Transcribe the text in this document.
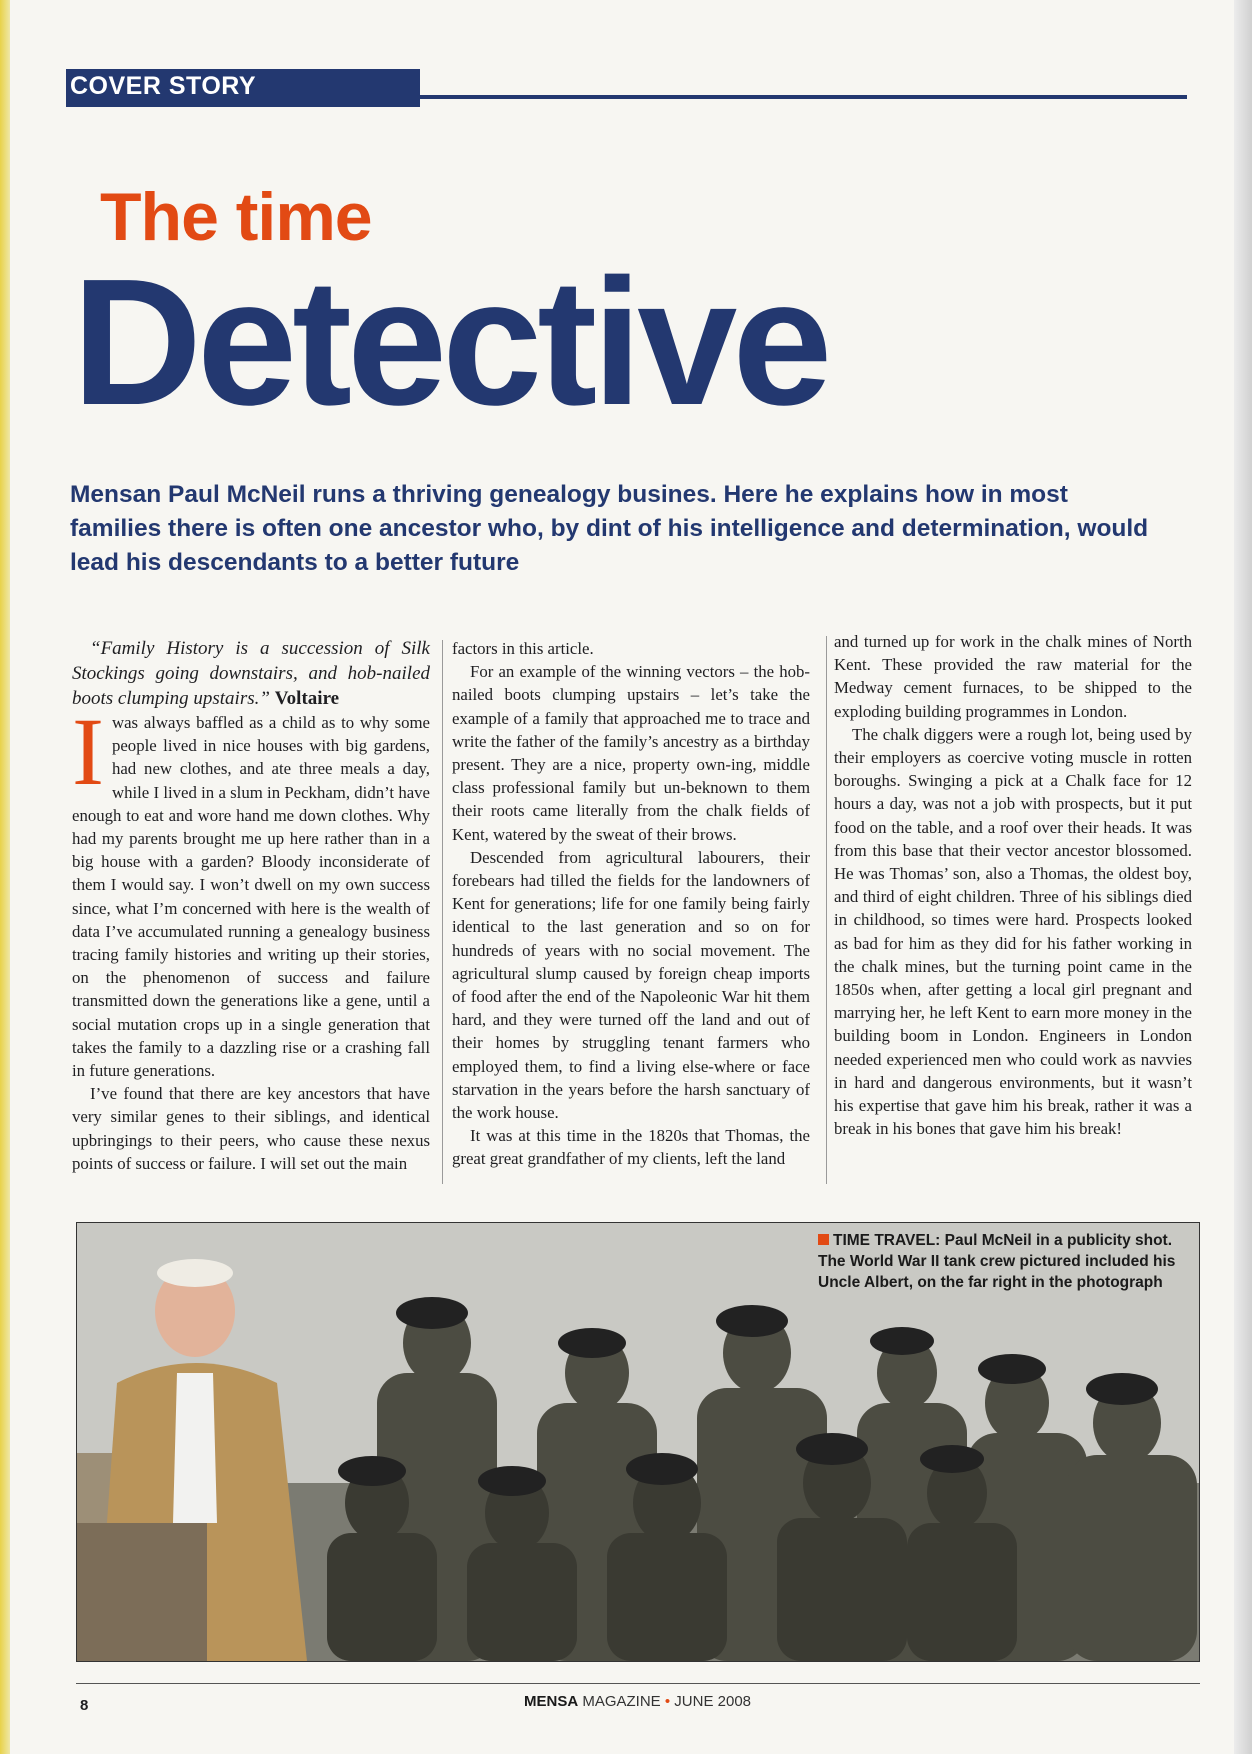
COVER STORY
The time
Detective
Mensan Paul McNeil runs a thriving genealogy busines. Here he explains how in most families there is often one ancestor who, by dint of his intelligence and determination, would lead his descendants to a better future

“Family History is a succession of Silk Stockings going downstairs, and hob-nailed boots clumping upstairs.” Voltaire

Iwas always baffled as a child as to why some people lived in nice houses with big gardens, had new clothes, and ate three meals a day, while I lived in a slum in Peckham, didn’t have enough to eat and wore hand me down clothes. Why had my parents brought me up here rather than in a big house with a garden? Bloody inconsiderate of them I would say. I won’t dwell on my own success since, what I’m concerned with here is the wealth of data I’ve accumulated running a genealogy business tracing family histories and writing up their stories, on the phenomenon of success and failure transmitted down the generations like a gene, until a social mutation crops up in a single generation that takes the family to a dazzling rise or a crashing fall in future generations.

I’ve found that there are key ancestors that have very similar genes to their siblings, and identical upbringings to their peers, who cause these nexus points of success or failure. I will set out the main

factors in this article.

For an example of the winning vectors – the hob-nailed boots clumping upstairs – let’s take the example of a family that approached me to trace and write the father of the family’s ancestry as a birthday present. They are a nice, property own-ing, middle class professional family but un-beknown to them their roots came literally from the chalk fields of Kent, watered by the sweat of their brows.

Descended from agricultural labourers, their forebears had tilled the fields for the landowners of Kent for generations; life for one family being fairly identical to the last generation and so on for hundreds of years with no social movement. The agricultural slump caused by foreign cheap imports of food after the end of the Napoleonic War hit them hard, and they were turned off the land and out of their homes by struggling tenant farmers who employed them, to find a living else-where or face starvation in the years before the harsh sanctuary of the work house.

It was at this time in the 1820s that Thomas, the great great grandfather of my clients, left the land

and turned up for work in the chalk mines of North Kent. These provided the raw material for the Medway cement furnaces, to be shipped to the exploding building programmes in London.

The chalk diggers were a rough lot, being used by their employers as coercive voting muscle in rotten boroughs. Swinging a pick at a Chalk face for 12 hours a day, was not a job with prospects, but it put food on the table, and a roof over their heads. It was from this base that their vector ancestor blossomed. He was Thomas’ son, also a Thomas, the oldest boy, and third of eight children. Three of his siblings died in childhood, so times were hard. Prospects looked as bad for him as they did for his father working in the chalk mines, but the turning point came in the 1850s when, after getting a local girl pregnant and marrying her, he left Kent to earn more money in the building boom in London. Engineers in London needed experienced men who could work as navvies in hard and dangerous environments, but it wasn’t his expertise that gave him his break, rather it was a break in his bones that gave him his break!

TIME TRAVEL: Paul McNeil in a publicity shot. The World War II tank crew pictured included his Uncle Albert, on the far right in the photograph
8	MENSA MAGAZINE • JUNE 2008
